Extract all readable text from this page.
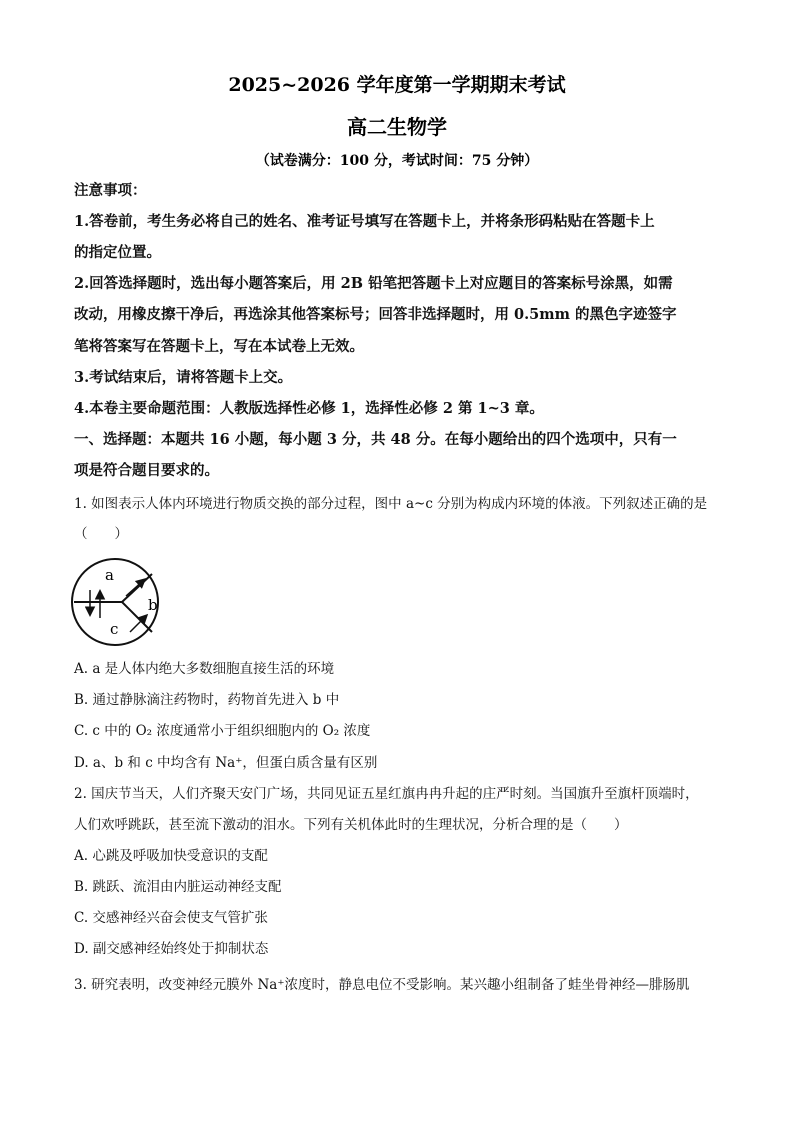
2025~2026 学年度第一学期期末考试
高二生物学
（试卷满分：100 分，考试时间：75 分钟）
注意事项：
1.答卷前，考生务必将自己的姓名、准考证号填写在答题卡上，并将条形码粘贴在答题卡上
的指定位置。
2.回答选择题时，选出每小题答案后，用 2B 铅笔把答题卡上对应题目的答案标号涂黑，如需
改动，用橡皮擦干净后，再选涂其他答案标号；回答非选择题时，用 0.5mm 的黑色字迹签字
笔将答案写在答题卡上，写在本试卷上无效。
3.考试结束后，请将答题卡上交。
4.本卷主要命题范围：人教版选择性必修 1，选择性必修 2 第 1~3 章。
一、选择题：本题共 16 小题，每小题 3 分，共 48 分。在每小题给出的四个选项中，只有一
项是符合题目要求的。
1. 如图表示人体内环境进行物质交换的部分过程，图中 a~c 分别为构成内环境的体液。下列叙述正确的是
（　　）
a
b
c
A. a 是人体内绝大多数细胞直接生活的环境
B. 通过静脉滴注药物时，药物首先进入 b 中
C. c 中的 O₂ 浓度通常小于组织细胞内的 O₂ 浓度
D. a、b 和 c 中均含有 Na⁺，但蛋白质含量有区别
2. 国庆节当天，人们齐聚天安门广场，共同见证五星红旗冉冉升起的庄严时刻。当国旗升至旗杆顶端时，
人们欢呼跳跃，甚至流下激动的泪水。下列有关机体此时的生理状况，分析合理的是（　　）
A. 心跳及呼吸加快受意识的支配
B. 跳跃、流泪由内脏运动神经支配
C. 交感神经兴奋会使支气管扩张
D. 副交感神经始终处于抑制状态
3. 研究表明，改变神经元膜外 Na⁺浓度时，静息电位不受影响。某兴趣小组制备了蛙坐骨神经—腓肠肌
